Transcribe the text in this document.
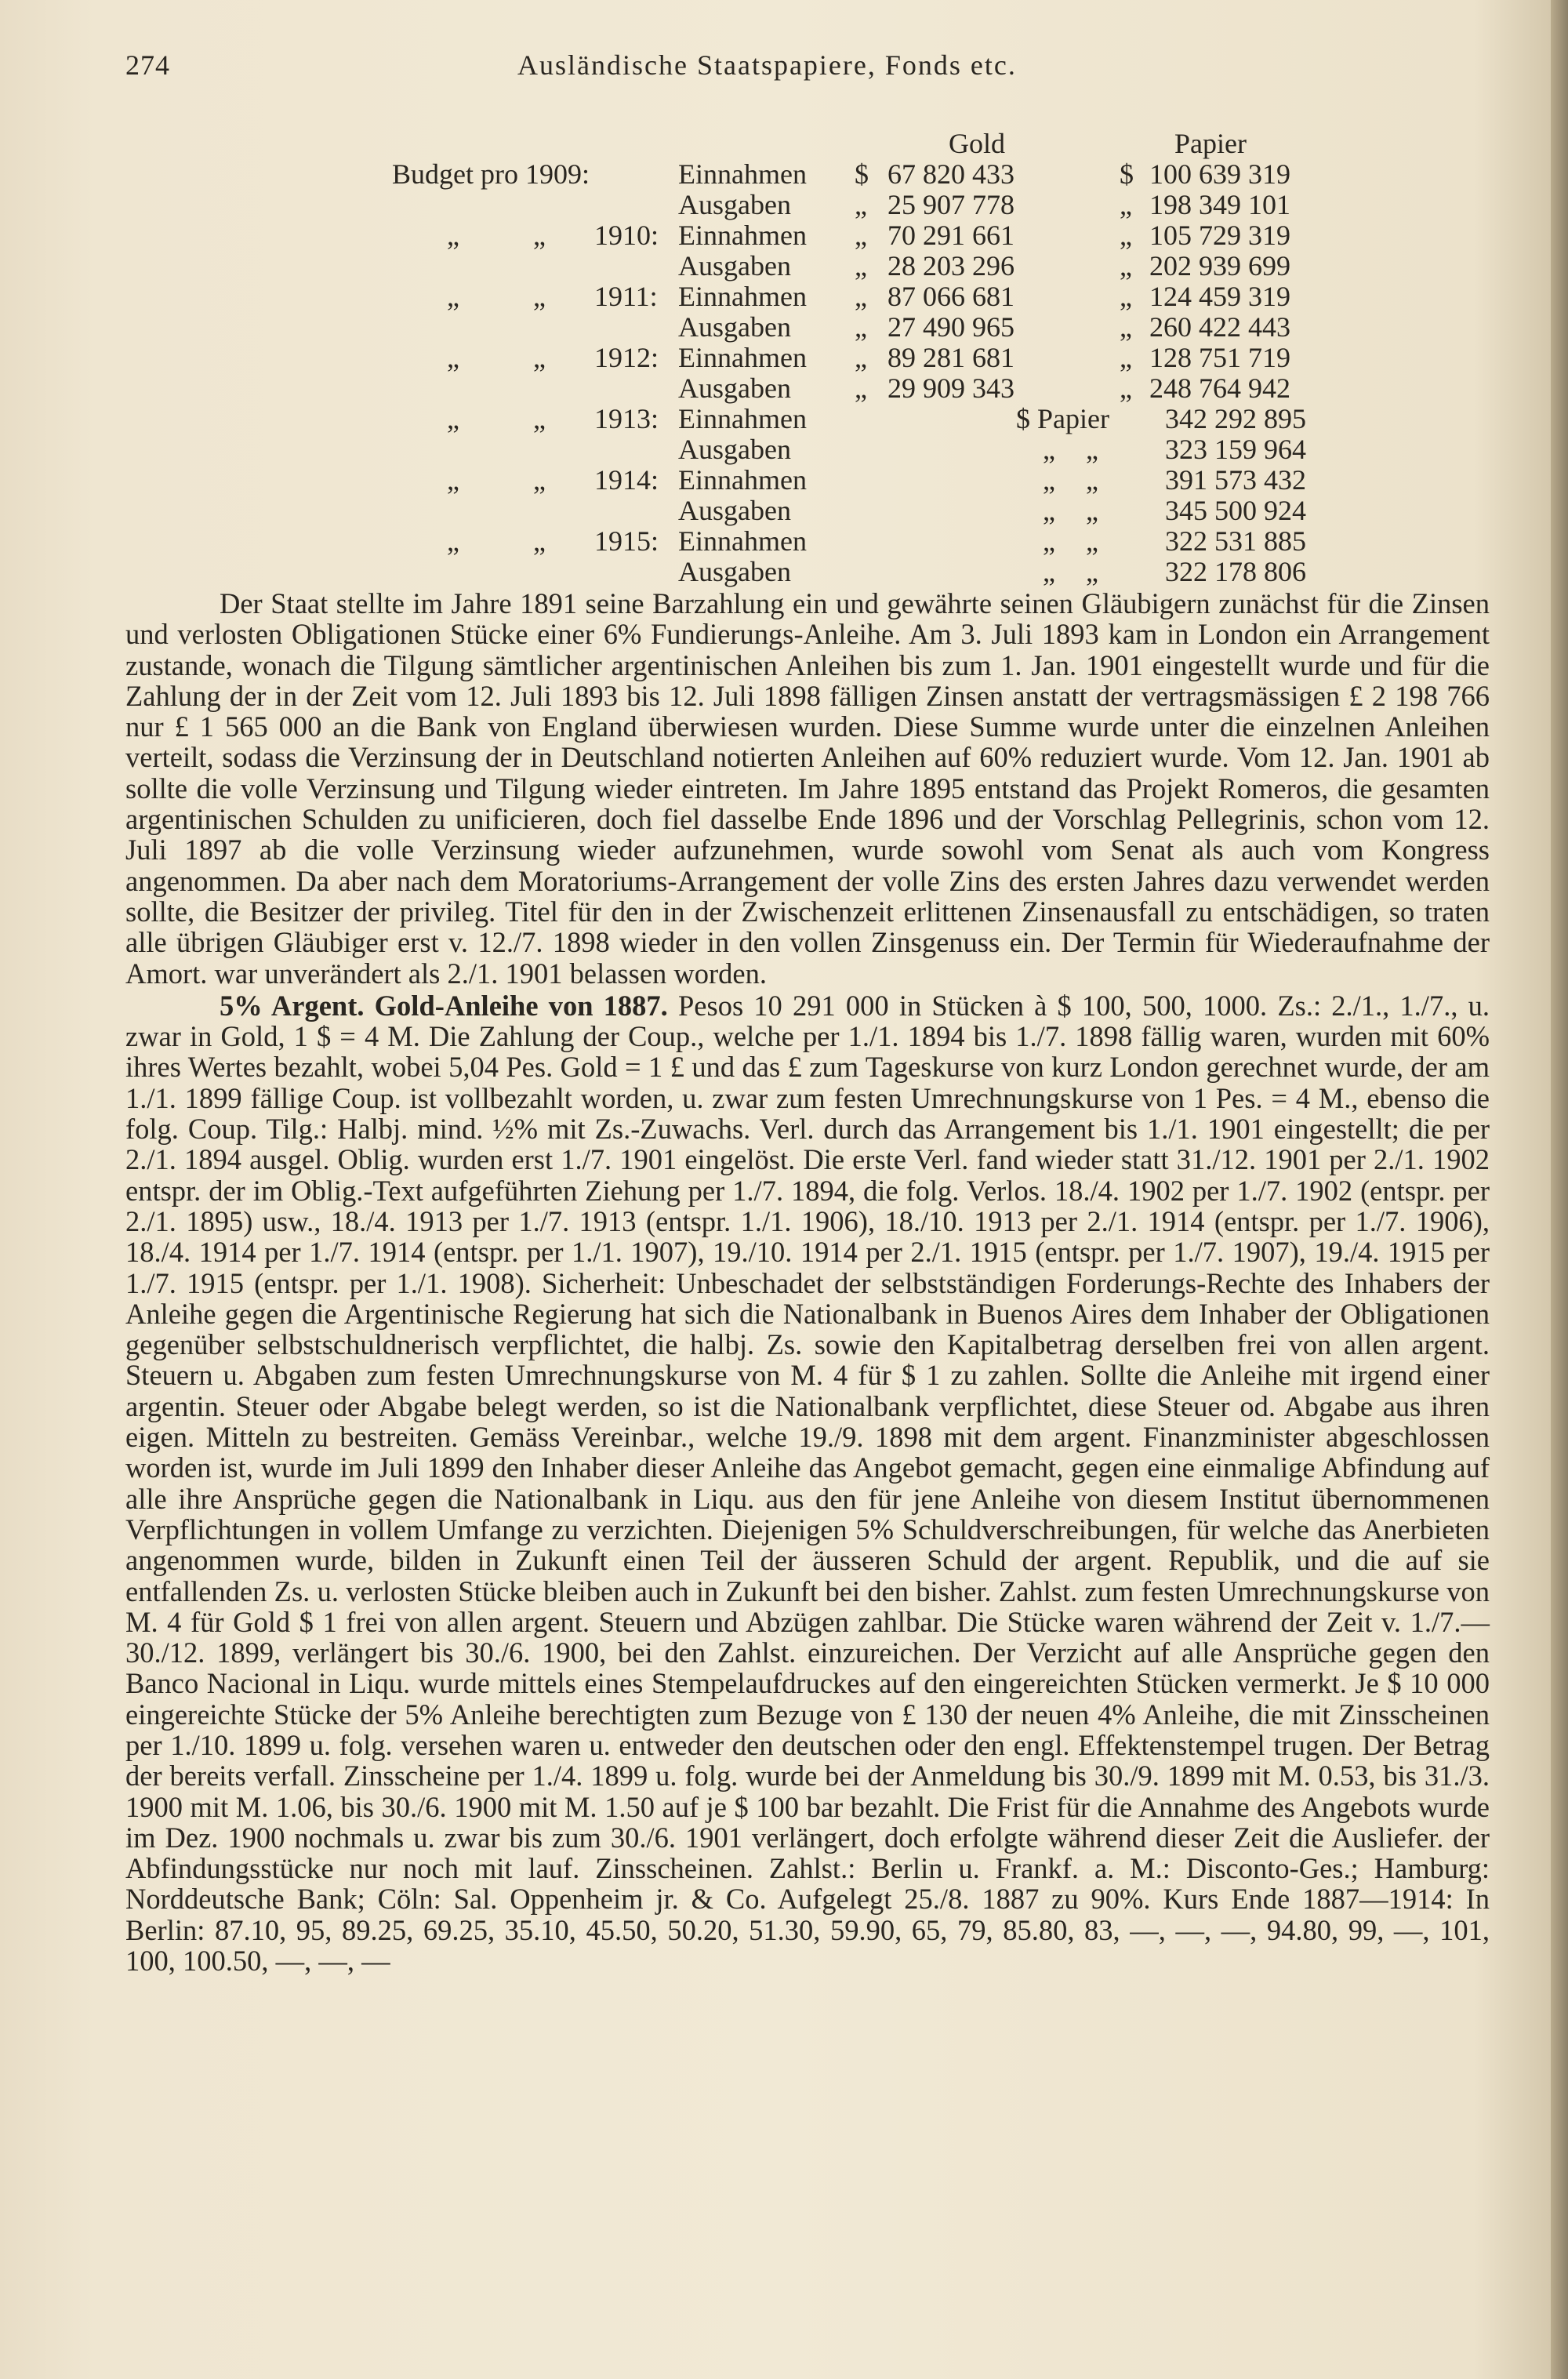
274	Ausländische Staatspapiere, Fonds etc.
Gold	Papier
Budget pro 1909:	Einnahmen $ 67 820 433	$ 100 639 319
Ausgaben „ 25 907 778	„ 198 349 101
„	„ 1910: Einnahmen „ 70 291 661	„ 105 729 319
Ausgaben „ 28 203 296	„ 202 939 699
„	„ 1911: Einnahmen „ 87 066 681	„ 124 459 319
Ausgaben „ 27 490 965	„ 260 422 443
„	„ 1912: Einnahmen „ 89 281 681	„ 128 751 719
Ausgaben „ 29 909 343	„ 248 764 942
„	„ 1913: Einnahmen	$ Papier 342 292 895
Ausgaben	„ „ 323 159 964
„	„ 1914: Einnahmen	„ „ 391 573 432
Ausgaben	„ „ 345 500 924
„	„ 1915: Einnahmen	„ „ 322 531 885
Ausgaben	„ „ 322 178 806

Der Staat stellte im Jahre 1891 seine Barzahlung ein und gewährte seinen Gläubigern zunächst für die Zinsen und verlosten Obligationen Stücke einer 6% Fundierungs-Anleihe. Am 3. Juli 1893 kam in London ein Arrangement zustande, wonach die Tilgung sämtlicher argentinischen Anleihen bis zum 1. Jan. 1901 eingestellt wurde und für die Zahlung der in der Zeit vom 12. Juli 1893 bis 12. Juli 1898 fälligen Zinsen anstatt der vertragsmässigen £ 2 198 766 nur £ 1 565 000 an die Bank von England überwiesen wurden. Diese Summe wurde unter die einzelnen Anleihen verteilt, sodass die Verzinsung der in Deutschland notierten Anleihen auf 60% reduziert wurde. Vom 12. Jan. 1901 ab sollte die volle Verzinsung und Tilgung wieder eintreten. Im Jahre 1895 entstand das Projekt Romeros, die gesamten argentinischen Schulden zu unificieren, doch fiel dasselbe Ende 1896 und der Vorschlag Pellegrinis, schon vom 12. Juli 1897 ab die volle Verzinsung wieder aufzunehmen, wurde sowohl vom Senat als auch vom Kongress angenommen. Da aber nach dem Moratoriums-Arrangement der volle Zins des ersten Jahres dazu verwendet werden sollte, die Besitzer der privileg. Titel für den in der Zwischenzeit erlittenen Zinsenausfall zu entschädigen, so traten alle übrigen Gläubiger erst v. 12./7. 1898 wieder in den vollen Zinsgenuss ein. Der Termin für Wiederaufnahme der Amort. war unverändert als 2./1. 1901 belassen worden.

5% Argent. Gold-Anleihe von 1887. Pesos 10 291 000 in Stücken à $ 100, 500, 1000. Zs.: 2./1., 1./7., u. zwar in Gold, 1 $ = 4 M. Die Zahlung der Coup., welche per 1./1. 1894 bis 1./7. 1898 fällig waren, wurden mit 60% ihres Wertes bezahlt, wobei 5,04 Pes. Gold = 1 £ und das £ zum Tageskurse von kurz London gerechnet wurde, der am 1./1. 1899 fällige Coup. ist vollbezahlt worden, u. zwar zum festen Umrechnungskurse von 1 Pes. = 4 M., ebenso die folg. Coup. Tilg.: Halbj. mind. ½% mit Zs.-Zuwachs. Verl. durch das Arrangement bis 1./1. 1901 eingestellt; die per 2./1. 1894 ausgel. Oblig. wurden erst 1./7. 1901 eingelöst. Die erste Verl. fand wieder statt 31./12. 1901 per 2./1. 1902 entspr. der im Oblig.-Text aufgeführten Ziehung per 1./7. 1894, die folg. Verlos. 18./4. 1902 per 1./7. 1902 (entspr. per 2./1. 1895) usw., 18./4. 1913 per 1./7. 1913 (entspr. 1./1. 1906), 18./10. 1913 per 2./1. 1914 (entspr. per 1./7. 1906), 18./4. 1914 per 1./7. 1914 (entspr. per 1./1. 1907), 19./10. 1914 per 2./1. 1915 (entspr. per 1./7. 1907), 19./4. 1915 per 1./7. 1915 (entspr. per 1./1. 1908). Sicherheit: Unbeschadet der selbstständigen Forderungs-Rechte des Inhabers der Anleihe gegen die Argentinische Regierung hat sich die Nationalbank in Buenos Aires dem Inhaber der Obligationen gegenüber selbstschuldnerisch verpflichtet, die halbj. Zs. sowie den Kapitalbetrag derselben frei von allen argent. Steuern u. Abgaben zum festen Umrechnungskurse von M. 4 für $ 1 zu zahlen. Sollte die Anleihe mit irgend einer argentin. Steuer oder Abgabe belegt werden, so ist die Nationalbank verpflichtet, diese Steuer od. Abgabe aus ihren eigen. Mitteln zu bestreiten. Gemäss Vereinbar., welche 19./9. 1898 mit dem argent. Finanzminister abgeschlossen worden ist, wurde im Juli 1899 den Inhaber dieser Anleihe das Angebot gemacht, gegen eine einmalige Abfindung auf alle ihre Ansprüche gegen die Nationalbank in Liqu. aus den für jene Anleihe von diesem Institut übernommenen Verpflichtungen in vollem Umfange zu verzichten. Diejenigen 5% Schuldverschreibungen, für welche das Anerbieten angenommen wurde, bilden in Zukunft einen Teil der äusseren Schuld der argent. Republik, und die auf sie entfallenden Zs. u. verlosten Stücke bleiben auch in Zukunft bei den bisher. Zahlst. zum festen Umrechnungskurse von M. 4 für Gold $ 1 frei von allen argent. Steuern und Abzügen zahlbar. Die Stücke waren während der Zeit v. 1./7.—30./12. 1899, verlängert bis 30./6. 1900, bei den Zahlst. einzureichen. Der Verzicht auf alle Ansprüche gegen den Banco Nacional in Liqu. wurde mittels eines Stempelaufdruckes auf den eingereichten Stücken vermerkt. Je $ 10 000 eingereichte Stücke der 5% Anleihe berechtigten zum Bezuge von £ 130 der neuen 4% Anleihe, die mit Zinsscheinen per 1./10. 1899 u. folg. versehen waren u. entweder den deutschen oder den engl. Effektenstempel trugen. Der Betrag der bereits verfall. Zinsscheine per 1./4. 1899 u. folg. wurde bei der Anmeldung bis 30./9. 1899 mit M. 0.53, bis 31./3. 1900 mit M. 1.06, bis 30./6. 1900 mit M. 1.50 auf je $ 100 bar bezahlt. Die Frist für die Annahme des Angebots wurde im Dez. 1900 nochmals u. zwar bis zum 30./6. 1901 verlängert, doch erfolgte während dieser Zeit die Ausliefer. der Abfindungsstücke nur noch mit lauf. Zinsscheinen. Zahlst.: Berlin u. Frankf. a. M.: Disconto-Ges.; Hamburg: Norddeutsche Bank; Cöln: Sal. Oppenheim jr. & Co. Aufgelegt 25./8. 1887 zu 90%. Kurs Ende 1887—1914: In Berlin: 87.10, 95, 89.25, 69.25, 35.10, 45.50, 50.20, 51.30, 59.90, 65, 79, 85.80, 83, —, —, —, 94.80, 99, —, 101, 100, 100.50, —, —, —
